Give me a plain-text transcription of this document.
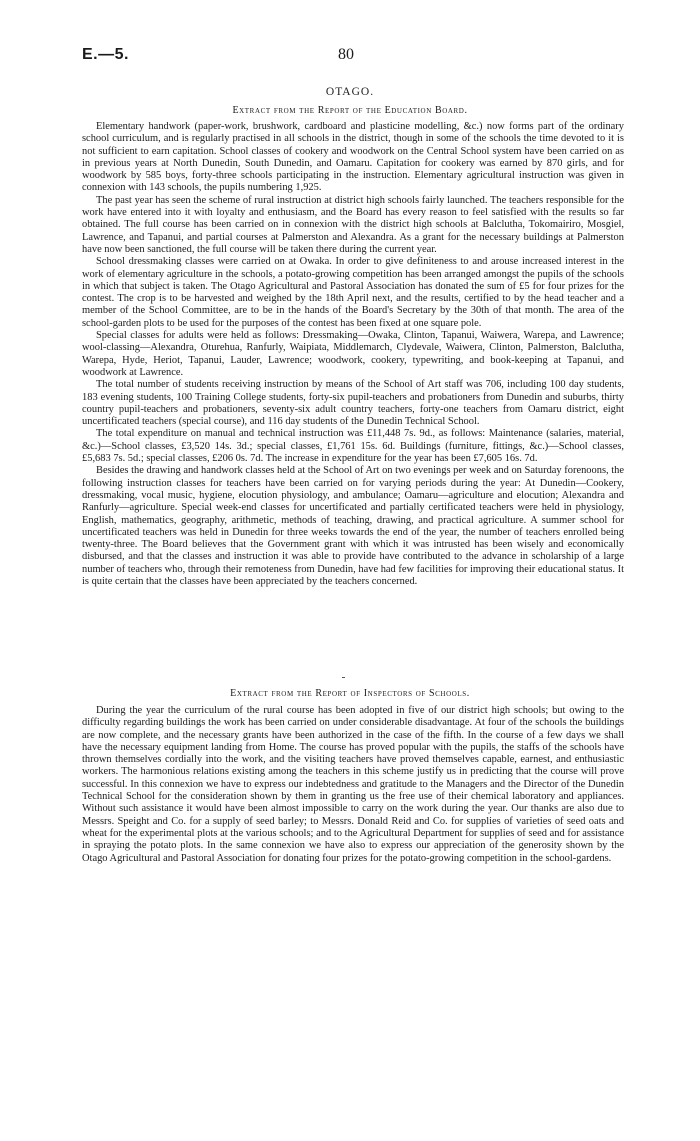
E.—5.	80
OTAGO.
Extract from the Report of the Education Board.

Elementary handwork (paper-work, brushwork, cardboard and plasticine modelling, &c.) now forms part of the ordinary school curriculum, and is regularly practised in all schools in the district, though in some of the schools the time devoted to it is not sufficient to earn capitation. School classes of cookery and woodwork on the Central School system have been carried on as in previous years at North Dunedin, South Dunedin, and Oamaru. Capitation for cookery was earned by 870 girls, and for woodwork by 585 boys, forty-three schools participating in the instruction. Elementary agricultural instruction was given in connexion with 143 schools, the pupils numbering 1,925.

The past year has seen the scheme of rural instruction at district high schools fairly launched. The teachers responsible for the work have entered into it with loyalty and enthusiasm, and the Board has every reason to feel satisfied with the results so far obtained. The full course has been carried on in connexion with the district high schools at Balclutha, Tokomairiro, Mosgiel, Lawrence, and Tapanui, and partial courses at Palmerston and Alexandra. As a grant for the necessary buildings at Palmerston have now been sanctioned, the full course will be taken there during the current year.

School dressmaking classes were carried on at Owaka. In order to give definiteness to and arouse increased interest in the work of elementary agriculture in the schools, a potato-growing competition has been arranged amongst the pupils of the schools in which that subject is taken. The Otago Agricultural and Pastoral Association has donated the sum of £5 for four prizes for the contest. The crop is to be harvested and weighed by the 18th April next, and the results, certified to by the head teacher and a member of the School Committee, are to be in the hands of the Board's Secretary by the 30th of that month. The area of the school-garden plots to be used for the purposes of the contest has been fixed at one square pole.

Special classes for adults were held as follows: Dressmaking—Owaka, Clinton, Tapanui, Waiwera, Warepa, and Lawrence; wool-classing—Alexandra, Oturehua, Ranfurly, Waipiata, Middlemarch, Clydevale, Waiwera, Clinton, Palmerston, Balclutha, Warepa, Hyde, Heriot, Tapanui, Lauder, Lawrence; woodwork, cookery, typewriting, and book-keeping at Tapanui, and woodwork at Lawrence.

The total number of students receiving instruction by means of the School of Art staff was 706, including 100 day students, 183 evening students, 100 Training College students, forty-six pupil-teachers and probationers from Dunedin and suburbs, thirty country pupil-teachers and probationers, seventy-six adult country teachers, forty-one teachers from Oamaru district, eight uncertificated teachers (special course), and 116 day students of the Dunedin Technical School.

The total expenditure on manual and technical instruction was £11,448 7s. 9d., as follows: Maintenance (salaries, material, &c.)—School classes, £3,520 14s. 3d.; special classes, £1,761 15s. 6d. Buildings (furniture, fittings, &c.)—School classes, £5,683 7s. 5d.; special classes, £206 0s. 7d. The increase in expenditure for the year has been £7,605 16s. 7d.

Besides the drawing and handwork classes held at the School of Art on two evenings per week and on Saturday forenoons, the following instruction classes for teachers have been carried on for varying periods during the year: At Dunedin—Cookery, dressmaking, vocal music, hygiene, elocution physiology, and ambulance; Oamaru—agriculture and elocution; Alexandra and Ranfurly—agriculture. Special week-end classes for uncertificated and partially certificated teachers were held in physiology, English, mathematics, geography, arithmetic, methods of teaching, drawing, and practical agriculture. A summer school for uncertificated teachers was held in Dunedin for three weeks towards the end of the year, the number of teachers enrolled being twenty-three. The Board believes that the Government grant with which it was intrusted has been wisely and economically disbursed, and that the classes and instruction it was able to provide have contributed to the advance in scholarship of a large number of teachers who, through their remoteness from Dunedin, have had few facilities for improving their educational status. It is quite certain that the classes have been appreciated by the teachers concerned.

Extract from the Report of Inspectors of Schools.

During the year the curriculum of the rural course has been adopted in five of our district high schools; but owing to the difficulty regarding buildings the work has been carried on under considerable disadvantage. At four of the schools the buildings are now complete, and the necessary grants have been authorized in the case of the fifth. In the course of a few days we shall have the necessary equipment landing from Home. The course has proved popular with the pupils, the staffs of the schools have thrown themselves cordially into the work, and the visiting teachers have proved themselves capable, earnest, and enthusiastic workers. The harmonious relations existing among the teachers in this scheme justify us in predicting that the course will prove successful. In this connexion we have to express our indebtedness and gratitude to the Managers and the Director of the Dunedin Technical School for the consideration shown by them in granting us the free use of their chemical laboratory and appliances. Without such assistance it would have been almost impossible to carry on the work during the year. Our thanks are also due to Messrs. Speight and Co. for a supply of seed barley; to Messrs. Donald Reid and Co. for supplies of varieties of seed oats and wheat for the experimental plots at the various schools; and to the Agricultural Department for supplies of seed and for assistance in spraying the potato plots. In the same connexion we have also to express our appreciation of the generosity shown by the Otago Agricultural and Pastoral Association for donating four prizes for the potato-growing competition in the school-gardens.
